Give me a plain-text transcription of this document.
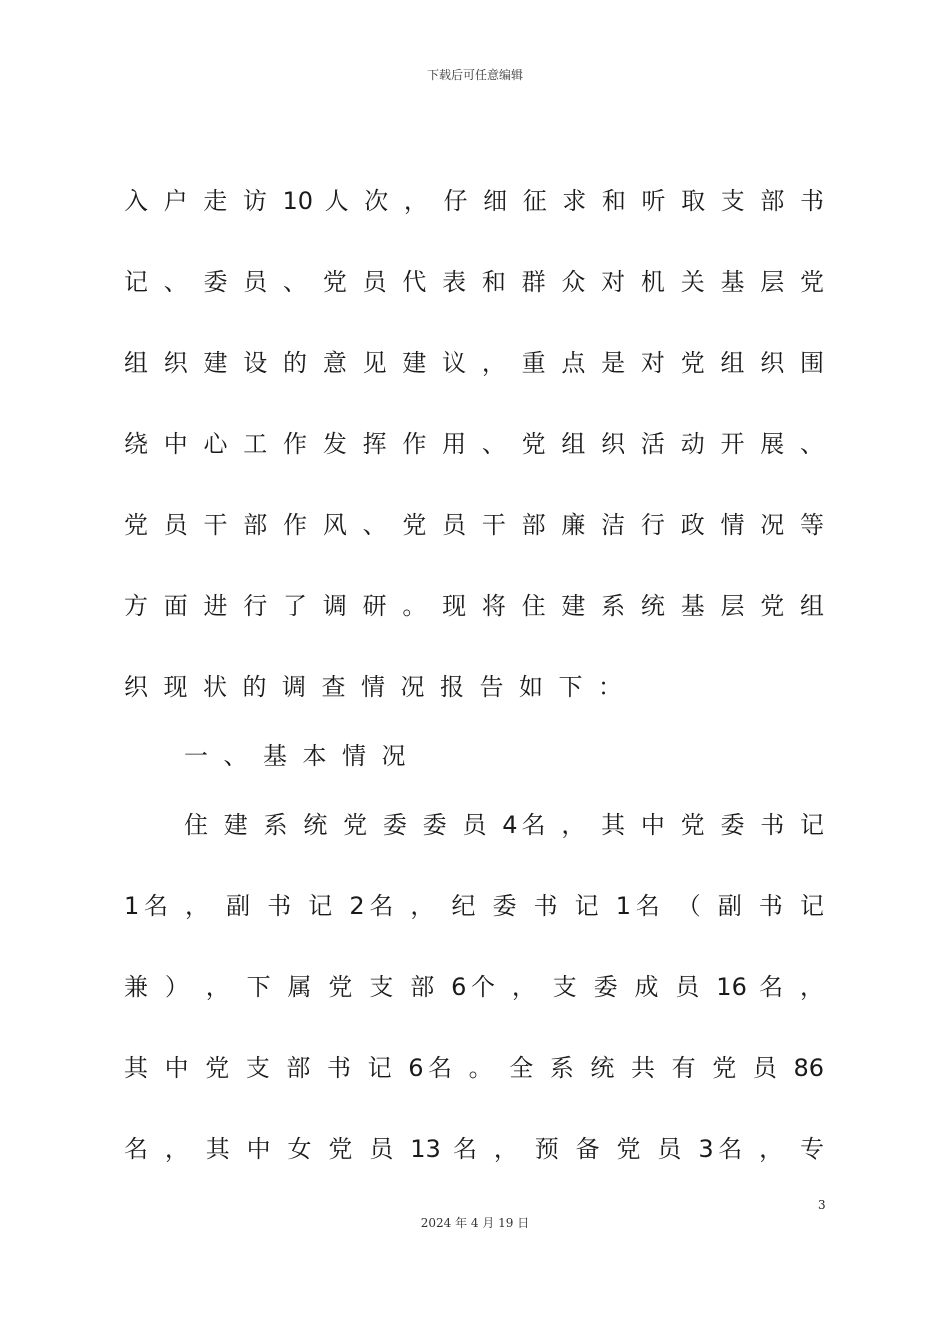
下载后可任意编辑
入 户 走 访 10 人 次 ， 仔 细 征 求 和 听 取 支 部 书
记 、 委 员 、 党 员 代 表 和 群 众 对 机 关 基 层 党
组 织 建 设 的 意 见 建 议 ， 重 点 是 对 党 组 织 围
绕 中 心 工 作 发 挥 作 用 、 党 组 织 活 动 开 展 、
党 员 干 部 作 风 、 党 员 干 部 廉 洁 行 政 情 况 等
方 面 进 行 了 调 研 。 现 将 住 建 系 统 基 层 党 组
织现状的调查情况报告如下：
一、基本情况
住 建 系 统 党 委 委 员 4名 ， 其 中 党 委 书 记
1名 ， 副 书 记 2名 ， 纪 委 书 记 1名 （ 副 书 记
兼 ） ， 下 属 党 支 部 6个 ， 支 委 成 员 16 名 ，
其 中 党 支 部 书 记 6名 。 全 系 统 共 有 党 员 86
名 ， 其 中 女 党 员 13 名 ， 预 备 党 员 3名 ， 专
3
2024 年 4 月 19 日
